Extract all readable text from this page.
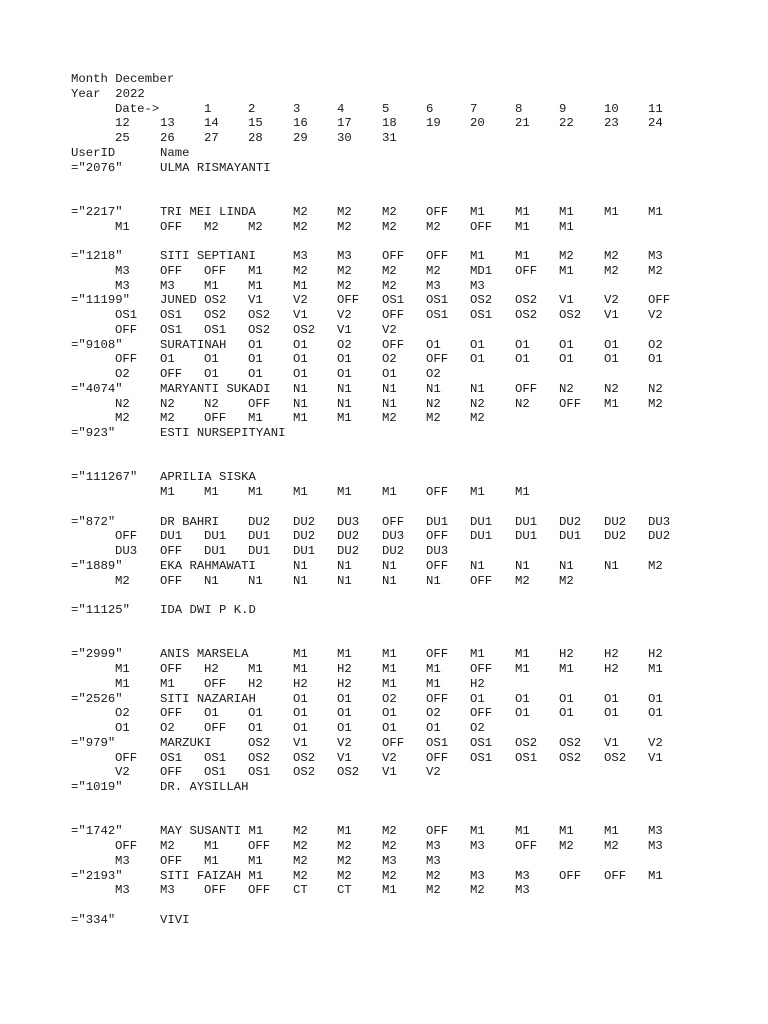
Month December
Year  2022
Date->	1	2	3	4	5	6	7	8	9	10 11
12 13 14 15 16 17 18 19 20 21 22 23 24
25 26 27 28 29 30 31
UserID	Name
="2076"	ULMA RISMAYANTI
="2217"	TRI MEI LINDA	M2 M2 M2 OFF M1 M1 M1 M1 M1
M1 OFF M2 M2 M2 M2 M2 M2 OFF M1 M1
="1218"	SITI SEPTIANI	M3 M3 OFF OFF M1 M1 M2 M2 M3
M3 OFF OFF M1 M2 M2 M2 M2 MD1 OFF M1 M2 M2
M3 M3 M1 M1 M1 M2 M2 M3 M3
="11199" JUNED OS2 V1 V2 OFF OS1 OS1 OS2 OS2 V1 V2 OFF
OS1 OS1 OS2 OS2 V1 V2 OFF OS1 OS1 OS2 OS2 V1 V2
OFF OS1 OS1 OS2 OS2 V1 V2
="9108"	SURATINAH O1 O1 O2 OFF O1 O1 O1 O1 O1 O2
OFF O1 O1 O1 O1 O1 O2 OFF O1 O1 O1 O1 O1
O2 OFF O1 O1 O1 O1 O1 O2
="4074"	MARYANTI SUKADI N1 N1 N1 N1 N1 OFF N2 N2 N2
N2 N2 N2 OFF N1 N1 N1 N2 N2 N2 OFF M1 M2
M2 M2 OFF M1 M1 M1 M2 M2 M2
="923"	ESTI NURSEPITYANI
="111267" APRILIA SISKA
M1 M1 M1 M1 M1 M1 OFF M1 M1
="872"	DR BAHRI DU2 DU2 DU3 OFF DU1 DU1 DU1 DU2 DU2 DU3
OFF DU1 DU1 DU1 DU2 DU2 DU3 OFF DU1 DU1 DU1 DU2 DU2
DU3 OFF DU1 DU1 DU1 DU2 DU2 DU3
="1889"	EKA RAHMAWATI	N1 N1 N1 OFF N1 N1 N1 N1 M2
M2 OFF N1 N1 N1 N1 N1 N1 OFF M2 M2
="11125" IDA DWI P K.D
="2999"	ANIS MARSELA	M1 M1 M1 OFF M1 M1 H2 H2 H2
M1 OFF H2 M1 M1 H2 M1 M1 OFF M1 M1 H2 M1
M1 M1 OFF H2 H2 H2 M1 M1 H2
="2526"	SITI NAZARIAH	O1 O1 O2 OFF O1 O1 O1 O1 O1
O2 OFF O1 O1 O1 O1 O1 O2 OFF O1 O1 O1 O1
O1 O2 OFF O1 O1 O1 O1 O1 O2
="979"	MARZUKI	OS2 V1 V2 OFF OS1 OS1 OS2 OS2 V1 V2
OFF OS1 OS1 OS2 OS2 V1 V2 OFF OS1 OS1 OS2 OS2 V1
V2 OFF OS1 OS1 OS2 OS2 V1 V2
="1019"	DR. AYSILLAH
="1742"	MAY SUSANTI M1 M2 M1 M2 OFF M1 M1 M1 M1 M3
OFF M2 M1 OFF M2 M2 M2 M3 M3 OFF M2 M2 M3
M3 OFF M1 M1 M2 M2 M3 M3
="2193"	SITI FAIZAH M1 M2 M2 M2 M2 M3 M3 OFF OFF M1
M3 M3 OFF OFF CT CT M1 M2 M2 M3
="334"	VIVI
